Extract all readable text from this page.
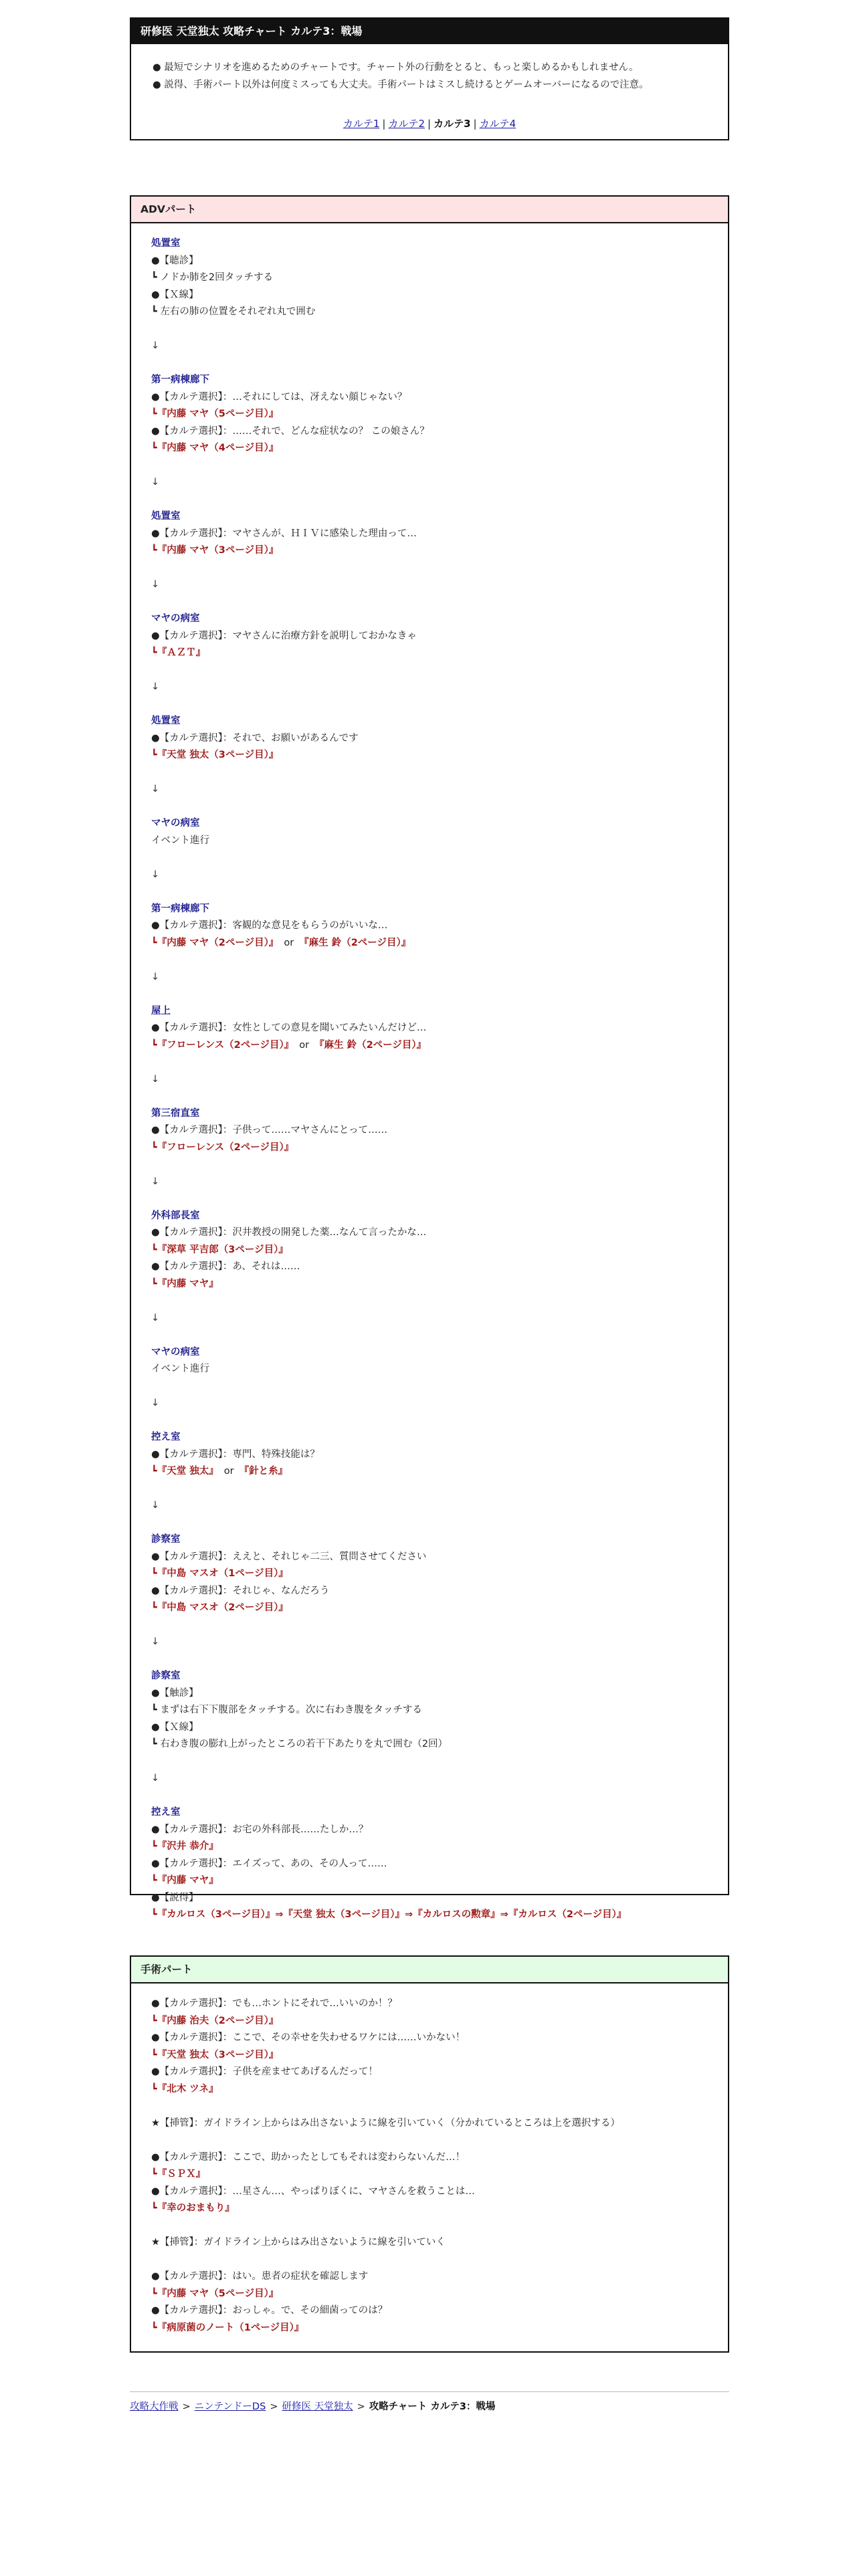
研修医 天堂独太 攻略チャート カルテ3：戦場
● 最短でシナリオを進めるためのチャートです。チャート外の行動をとると、もっと楽しめるかもしれません。
● 説得、手術パート以外は何度ミスっても大丈夫。手術パートはミスし続けるとゲームオーバーになるので注意。
カルテ1 | カルテ2 | カルテ3 | カルテ4
ADVパート
処置室
●【聴診】
┗ ノドか肺を2回タッチする
●【Ｘ線】
┗ 左右の肺の位置をそれぞれ丸で囲む
↓
第一病棟廊下
●【カルテ選択】：…それにしては、冴えない顔じゃない？
┗『内藤 マヤ（5ページ目）』
●【カルテ選択】：……それで、どんな症状なの？ この娘さん？
┗『内藤 マヤ（4ページ目）』
↓
処置室
●【カルテ選択】：マヤさんが、ＨＩＶに感染した理由って…
┗『内藤 マヤ（3ページ目）』
↓
マヤの病室
●【カルテ選択】：マヤさんに治療方針を説明しておかなきゃ
┗『ＡＺＴ』
↓
処置室
●【カルテ選択】：それで、お願いがあるんです
┗『天堂 独太（3ページ目）』
↓
マヤの病室
イベント進行
↓
第一病棟廊下
●【カルテ選択】：客観的な意見をもらうのがいいな…
┗『内藤 マヤ（2ページ目）』 or 『麻生 鈴（2ページ目）』
↓
屋上
●【カルテ選択】：女性としての意見を聞いてみたいんだけど…
┗『フローレンス（2ページ目）』 or 『麻生 鈴（2ページ目）』
↓
第三宿直室
●【カルテ選択】：子供って……マヤさんにとって……
┗『フローレンス（2ページ目）』
↓
外科部長室
●【カルテ選択】：沢井教授の開発した薬…なんて言ったかな…
┗『深草 平吉郎（3ページ目）』
●【カルテ選択】：あ、それは……
┗『内藤 マヤ』
↓
マヤの病室
イベント進行
↓
控え室
●【カルテ選択】：専門、特殊技能は？
┗『天堂 独太』 or 『針と糸』
↓
診察室
●【カルテ選択】：ええと、それじゃ二三、質問させてください
┗『中島 マスオ（1ページ目）』
●【カルテ選択】：それじゃ、なんだろう
┗『中島 マスオ（2ページ目）』
↓
診察室
●【触診】
┗ まずは右下下腹部をタッチする。次に右わき腹をタッチする
●【Ｘ線】
┗ 右わき腹の膨れ上がったところの若干下あたりを丸で囲む（2回）
↓
控え室
●【カルテ選択】：お宅の外科部長……たしか…？
┗『沢井 恭介』
●【カルテ選択】：エイズって、あの、その人って……
┗『内藤 マヤ』
●【説得】
┗『カルロス（3ページ目）』⇒『天堂 独太（3ページ目）』⇒『カルロスの勲章』⇒『カルロス（2ページ目）』
手術パート
●【カルテ選択】：でも…ホントにそれで…いいのか！？
┗『内藤 治夫（2ページ目）』
●【カルテ選択】：ここで、その幸せを失わせるワケには……いかない！
┗『天堂 独太（3ページ目）』
●【カルテ選択】：子供を産ませてあげるんだって！
┗『北木 ツネ』
★【挿管】：ガイドライン上からはみ出さないように線を引いていく（分かれているところは上を選択する）
●【カルテ選択】：ここで、助かったとしてもそれは変わらないんだ…！
┗『ＳＰＸ』
●【カルテ選択】：…星さん…、やっぱりぼくに、マヤさんを救うことは…
┗『幸のおまもり』
★【挿管】：ガイドライン上からはみ出さないように線を引いていく
●【カルテ選択】：はい。患者の症状を確認します
┗『内藤 マヤ（5ページ目）』
●【カルテ選択】：おっしゃ。で、その細菌ってのは？
┗『病原菌のノート（1ページ目）』
攻略大作戦 > ニンテンドーDS > 研修医 天堂独太 > 攻略チャート カルテ3：戦場
